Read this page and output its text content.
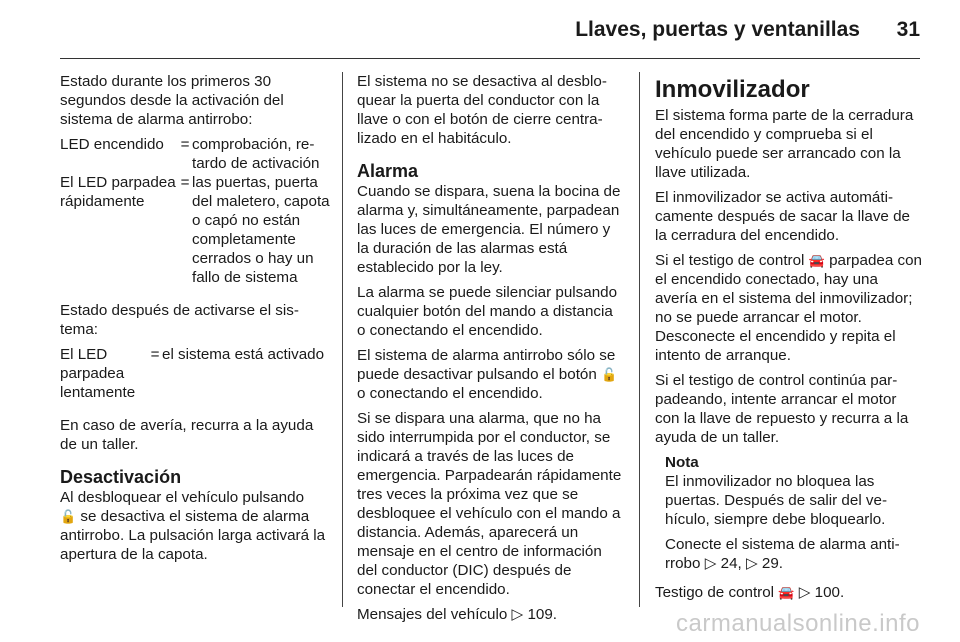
Llaves, puertas y ventanillas 31

Estado durante los primeros 30 segundos desde la activación del sistema de alarma antirrobo:

LED encendido	= comprobación, retardo de activación
El LED parpadea rápidamente
= las puertas, puerta del maletero, capota o capó no están completamente cerrados o hay un fallo de sistema

Estado después de activarse el sistema:

El LED parpadea lentamente
= el sistema está activado

En caso de avería, recurra a la ayuda de un taller.

Desactivación

Al desbloquear el vehículo pulsando
🔓 se desactiva el sistema de alarma antirrobo. La pulsación larga activará la apertura de la capota.

El sistema no se desactiva al desbloquear la puerta del conductor con la llave o con el botón de cierre centralizado en el habitáculo.

Alarma

Cuando se dispara, suena la bocina de alarma y, simultáneamente, parpadean las luces de emergencia. El número y la duración de las alarmas está establecido por la ley.

La alarma se puede silenciar pulsando cualquier botón del mando a distancia o conectando el encendido.

El sistema de alarma antirrobo sólo se puede desactivar pulsando el botón 🔓 o conectando el encendido.

Si se dispara una alarma, que no ha sido interrumpida por el conductor, se indicará a través de las luces de emergencia. Parpadearán rápidamente tres veces la próxima vez que se desbloquee el vehículo con el mando a distancia. Además, aparecerá un mensaje en el centro de información del conductor (DIC) después de conectar el encendido.

Mensajes del vehículo ▷ 109.

Inmovilizador

El sistema forma parte de la cerradura del encendido y comprueba si el vehículo puede ser arrancado con la llave utilizada.

El inmovilizador se activa automáticamente después de sacar la llave de la cerradura del encendido.

Si el testigo de control 🚘 parpadea con el encendido conectado, hay una avería en el sistema del inmovilizador; no se puede arrancar el motor. Desconecte el encendido y repita el intento de arranque.

Si el testigo de control continúa parpadeando, intente arrancar el motor con la llave de repuesto y recurra a la ayuda de un taller.

Nota

El inmovilizador no bloquea las puertas. Después de salir del vehículo, siempre debe bloquearlo.

Conecte el sistema de alarma antirrobo ▷ 24, ▷ 29.

Testigo de control 🚘 ▷ 100.

carmanualsonline.info
